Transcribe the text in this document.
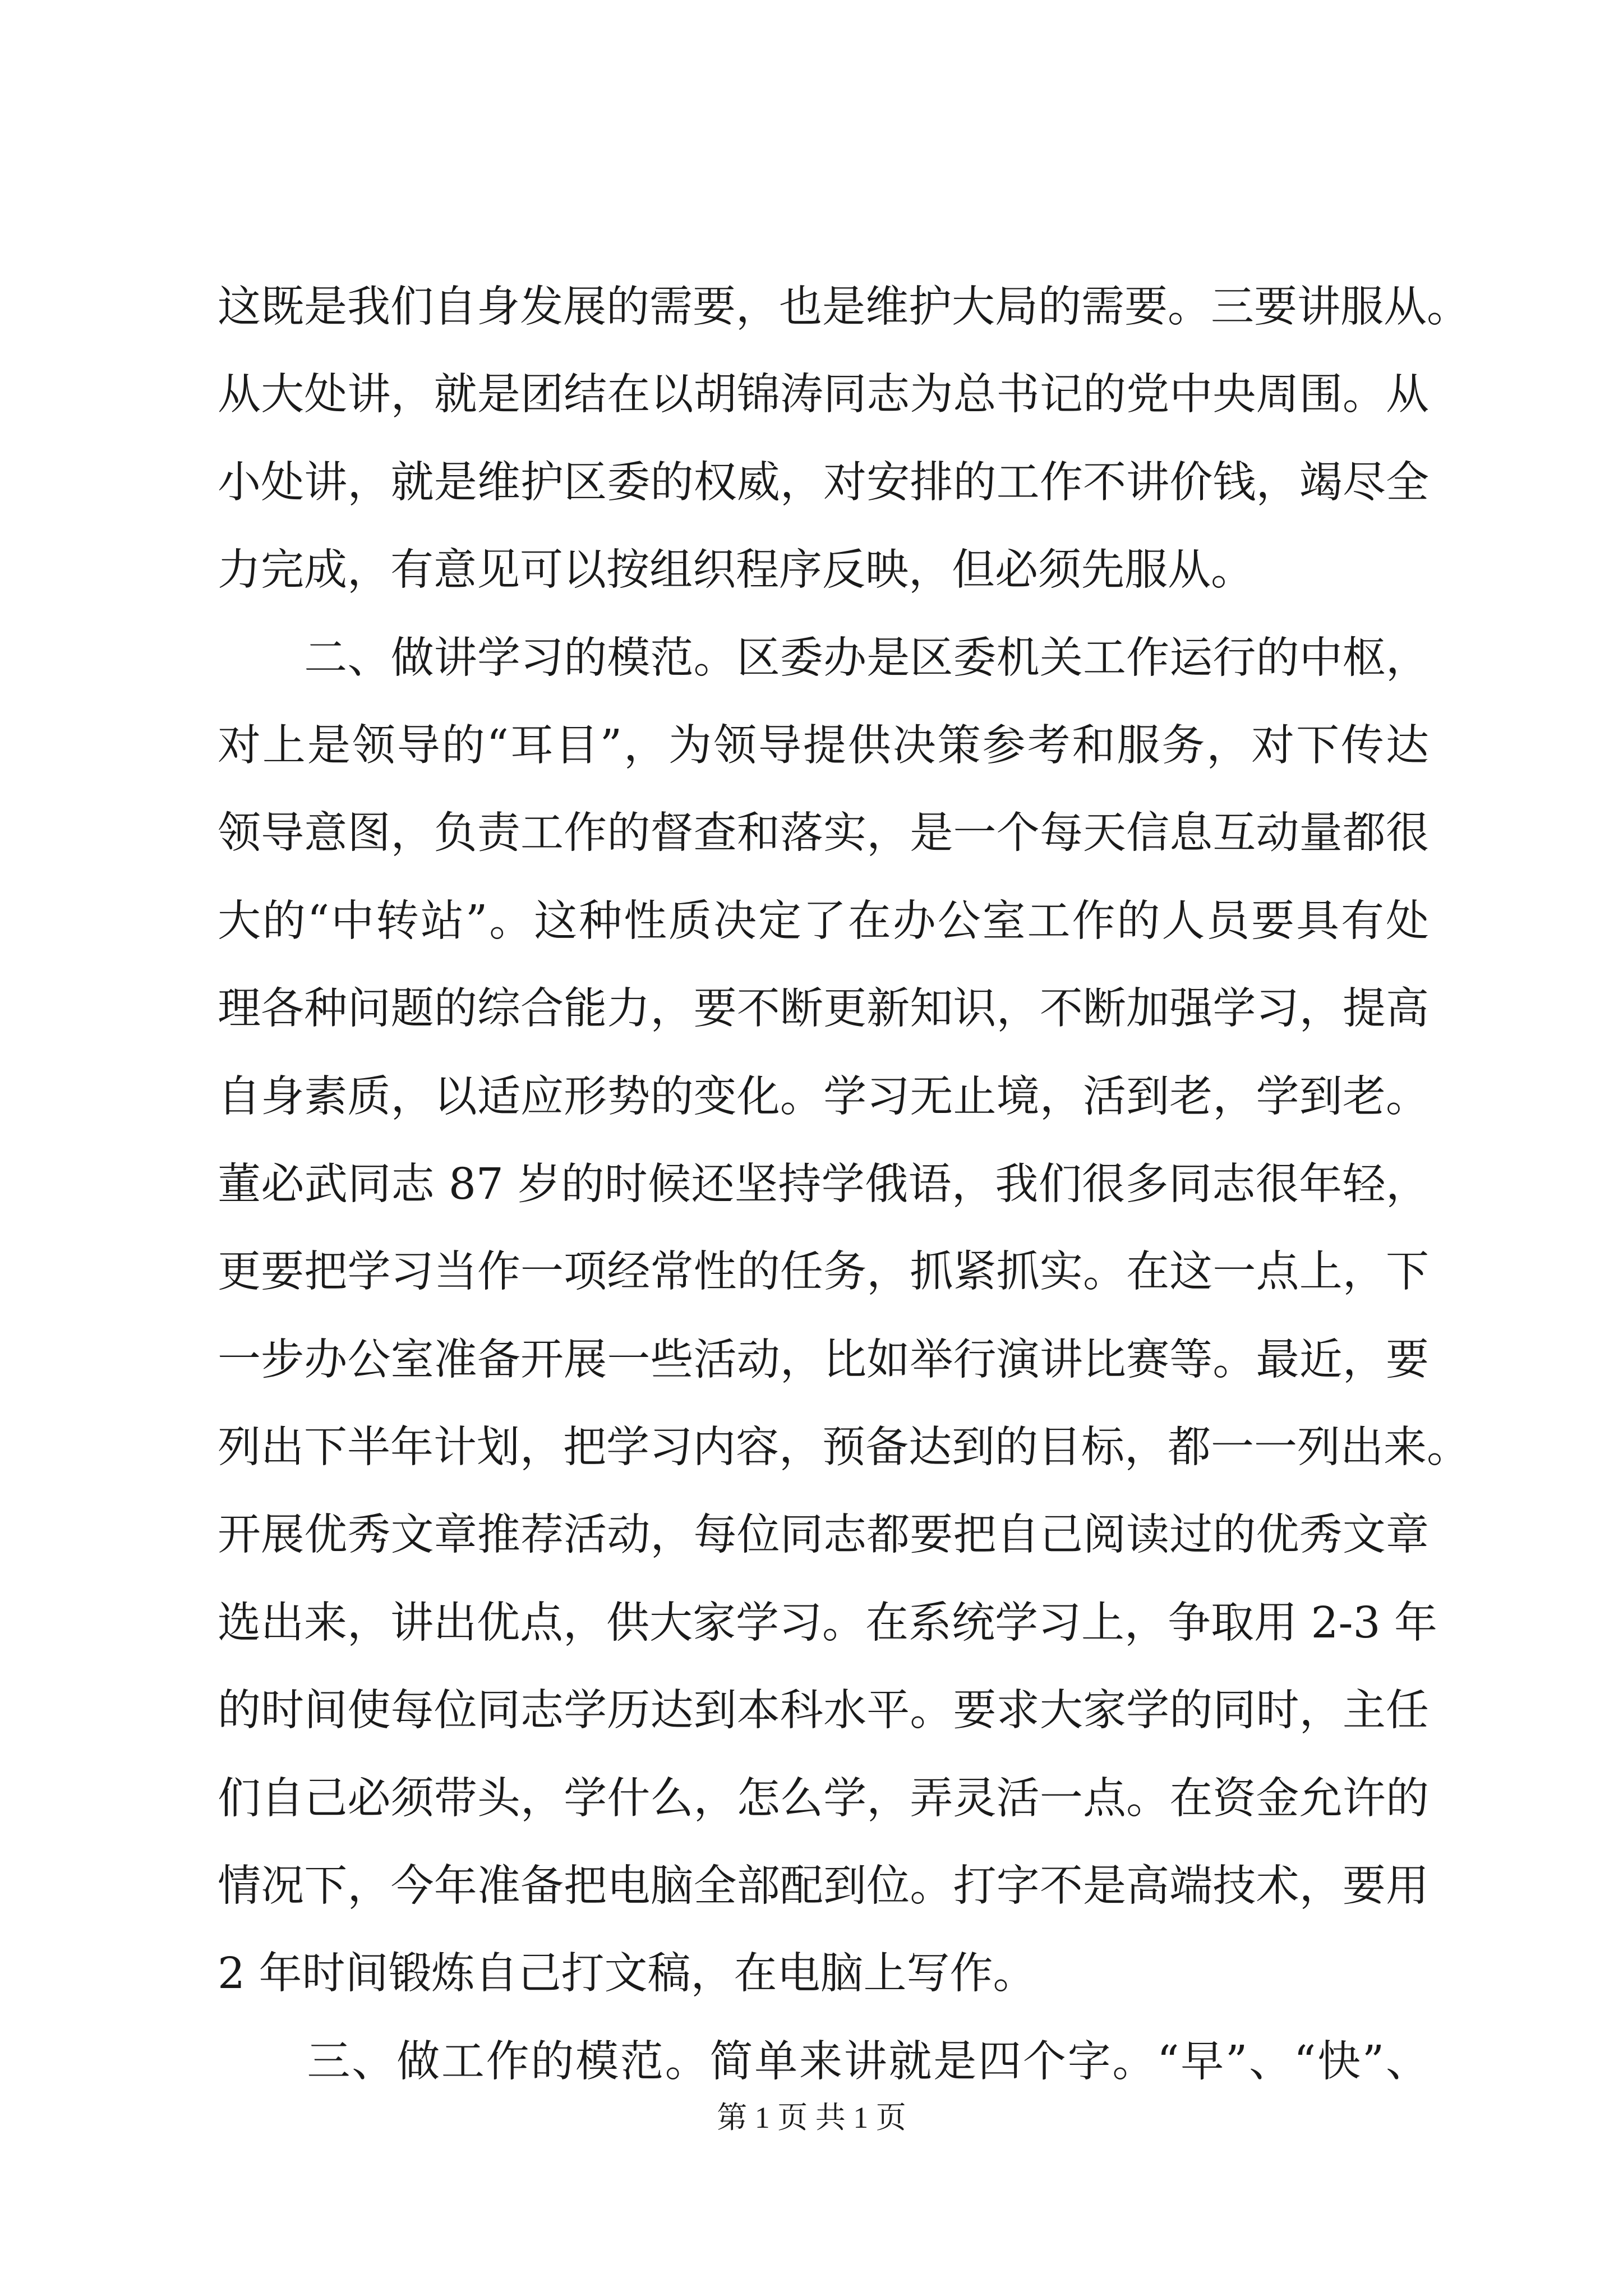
这既是我们自身发展的需要，也是维护大局的需要。三要讲服从。
从大处讲，就是团结在以胡锦涛同志为总书记的党中央周围。从
小处讲，就是维护区委的权威，对安排的工作不讲价钱，竭尽全
力完成，有意见可以按组织程序反映，但必须先服从。
　　二、做讲学习的模范。区委办是区委机关工作运行的中枢，
对上是领导的“耳目”，为领导提供决策参考和服务，对下传达
领导意图，负责工作的督查和落实，是一个每天信息互动量都很
大的“中转站”。这种性质决定了在办公室工作的人员要具有处
理各种问题的综合能力，要不断更新知识，不断加强学习，提高
自身素质，以适应形势的变化。学习无止境，活到老，学到老。
董必武同志 87 岁的时候还坚持学俄语，我们很多同志很年轻，
更要把学习当作一项经常性的任务，抓紧抓实。在这一点上，下
一步办公室准备开展一些活动，比如举行演讲比赛等。最近，要
列出下半年计划，把学习内容，预备达到的目标，都一一列出来。
开展优秀文章推荐活动，每位同志都要把自己阅读过的优秀文章
选出来，讲出优点，供大家学习。在系统学习上，争取用 2-3 年
的时间使每位同志学历达到本科水平。要求大家学的同时，主任
们自己必须带头，学什么，怎么学，弄灵活一点。在资金允许的
情况下，今年准备把电脑全部配到位。打字不是高端技术，要用
2 年时间锻炼自己打文稿，在电脑上写作。
　　三、做工作的模范。简单来讲就是四个字。“早”、“快”、
第 1 页 共 1 页
